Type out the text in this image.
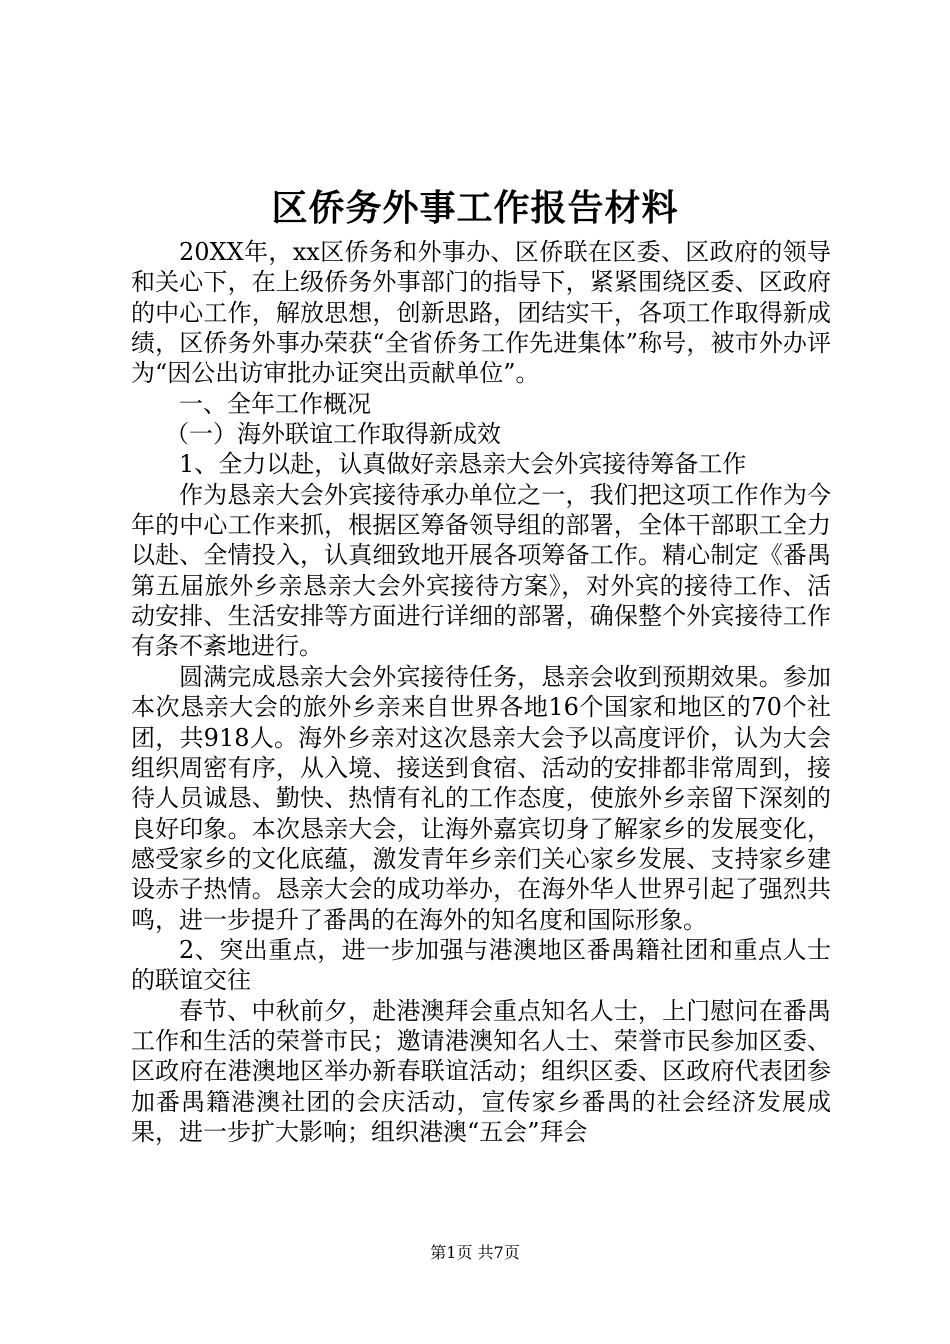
区侨务外事工作报告材料

20XX年，xx区侨务和外事办、区侨联在区委、区政府的领导和关心下，在上级侨务外事部门的指导下，紧紧围绕区委、区政府的中心工作，解放思想，创新思路，团结实干，各项工作取得新成绩，区侨务外事办荣获“全省侨务工作先进集体”称号，被市外办评为“因公出访审批办证突出贡献单位”。

一、全年工作概况

（一）海外联谊工作取得新成效

1、全力以赴，认真做好亲恳亲大会外宾接待筹备工作

作为恳亲大会外宾接待承办单位之一，我们把这项工作作为今年的中心工作来抓，根据区筹备领导组的部署，全体干部职工全力以赴、全情投入，认真细致地开展各项筹备工作。精心制定《番禺第五届旅外乡亲恳亲大会外宾接待方案》，对外宾的接待工作、活动安排、生活安排等方面进行详细的部署，确保整个外宾接待工作有条不紊地进行。

圆满完成恳亲大会外宾接待任务，恳亲会收到预期效果。参加本次恳亲大会的旅外乡亲来自世界各地16个国家和地区的70个社团，共918人。海外乡亲对这次恳亲大会予以高度评价，认为大会组织周密有序，从入境、接送到食宿、活动的安排都非常周到，接待人员诚恳、勤快、热情有礼的工作态度，使旅外乡亲留下深刻的良好印象。本次恳亲大会，让海外嘉宾切身了解家乡的发展变化，感受家乡的文化底蕴，激发青年乡亲们关心家乡发展、支持家乡建设赤子热情。恳亲大会的成功举办，在海外华人世界引起了强烈共鸣，进一步提升了番禺的在海外的知名度和国际形象。

2、突出重点，进一步加强与港澳地区番禺籍社团和重点人士的联谊交往

春节、中秋前夕，赴港澳拜会重点知名人士，上门慰问在番禺工作和生活的荣誉市民；邀请港澳知名人士、荣誉市民参加区委、区政府在港澳地区举办新春联谊活动；组织区委、区政府代表团参加番禺籍港澳社团的会庆活动，宣传家乡番禺的社会经济发展成果，进一步扩大影响；组织港澳“五会”拜会

第1页 共7页
